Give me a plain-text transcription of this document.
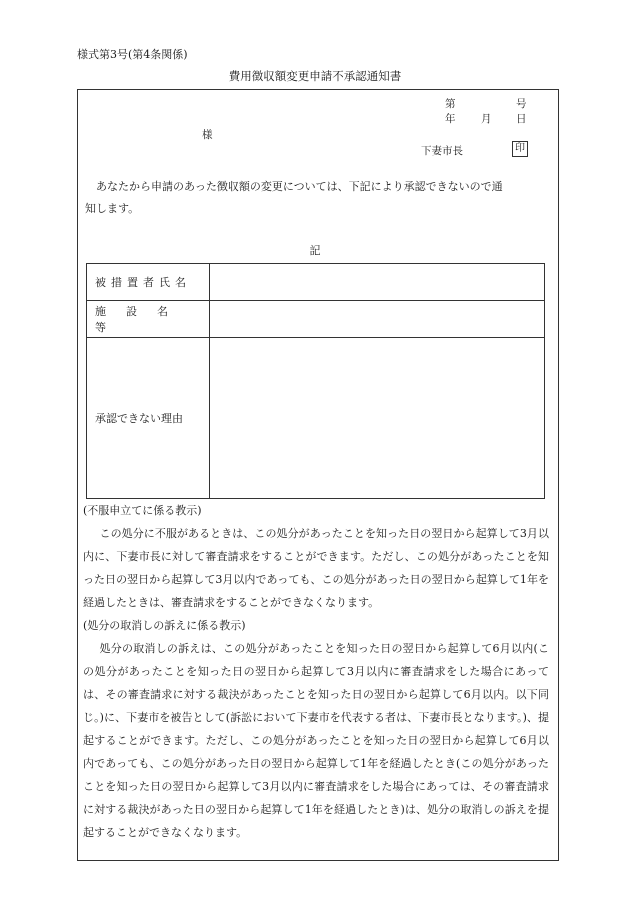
様式第3号(第4条関係)
費用徴収額変更申請不承認通知書
第	号
年 月 日
様
下妻市長	印
あなたから申請のあった徴収額の変更については、下記により承認できないので通
知します。
記
被措置者氏名	
施設名等	
承認できない理由	

(不服申立てに係る教示)

この処分に不服があるときは、この処分があったことを知った日の翌日から起算して3月以内に、下妻市長に対して審査請求をすることができます。ただし、この処分があったことを知った日の翌日から起算して3月以内であっても、この処分があった日の翌日から起算して1年を経過したときは、審査請求をすることができなくなります。

(処分の取消しの訴えに係る教示)

処分の取消しの訴えは、この処分があったことを知った日の翌日から起算して6月以内(この処分があったことを知った日の翌日から起算して3月以内に審査請求をした場合にあっては、その審査請求に対する裁決があったことを知った日の翌日から起算して6月以内。以下同じ。)に、下妻市を被告として(訴訟において下妻市を代表する者は、下妻市長となります。)、提起することができます。ただし、この処分があったことを知った日の翌日から起算して6月以内であっても、この処分があった日の翌日から起算して1年を経過したとき(この処分があったことを知った日の翌日から起算して3月以内に審査請求をした場合にあっては、その審査請求に対する裁決があった日の翌日から起算して1年を経過したとき)は、処分の取消しの訴えを提起することができなくなります。
